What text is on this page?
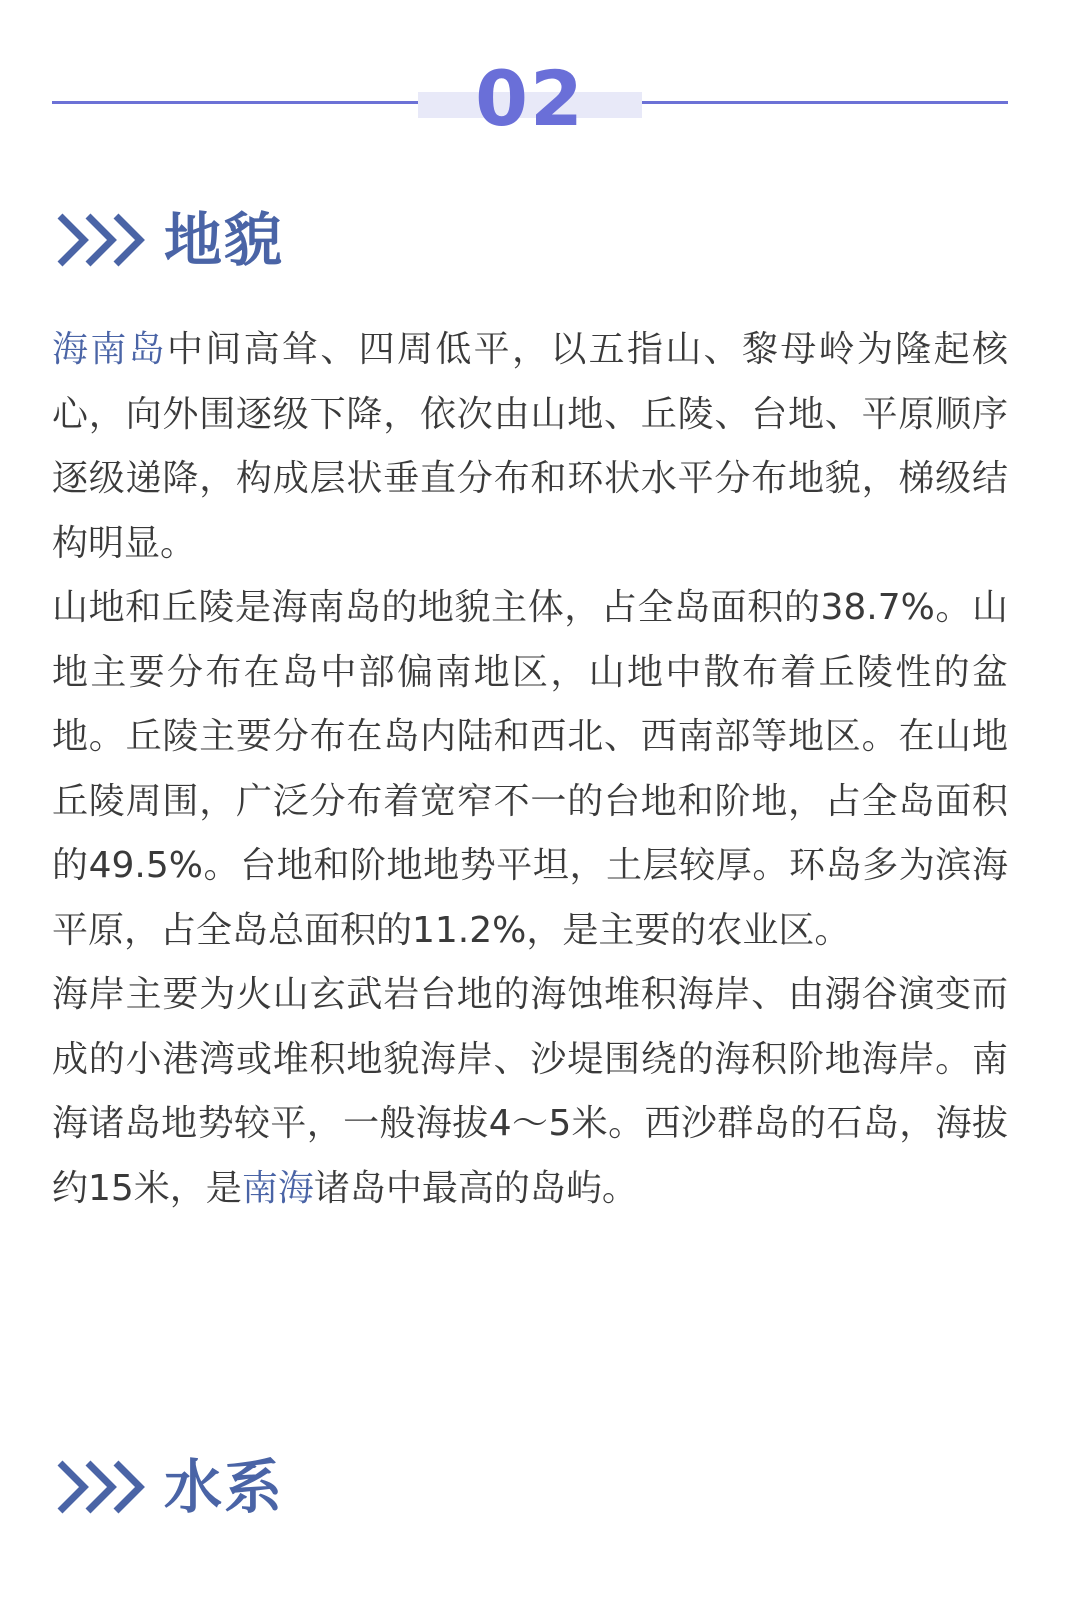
02
地貌

海南岛中间高耸、四周低平，以五指山、黎母岭为隆起核心，向外围逐级下降，依次由山地、丘陵、台地、平原顺序逐级递降，构成层状垂直分布和环状水平分布地貌，梯级结构明显。

山地和丘陵是海南岛的地貌主体，占全岛面积的38.7%。山地主要分布在岛中部偏南地区，山地中散布着丘陵性的盆地。丘陵主要分布在岛内陆和西北、西南部等地区。在山地丘陵周围，广泛分布着宽窄不一的台地和阶地，占全岛面积的49.5%。台地和阶地地势平坦，土层较厚。环岛多为滨海平原，占全岛总面积的11.2%，是主要的农业区。

海岸主要为火山玄武岩台地的海蚀堆积海岸、由溺谷演变而成的小港湾或堆积地貌海岸、沙堤围绕的海积阶地海岸。南海诸岛地势较平，一般海拔4～5米。西沙群岛的石岛，海拔约15米，是南海诸岛中最高的岛屿。

水系
